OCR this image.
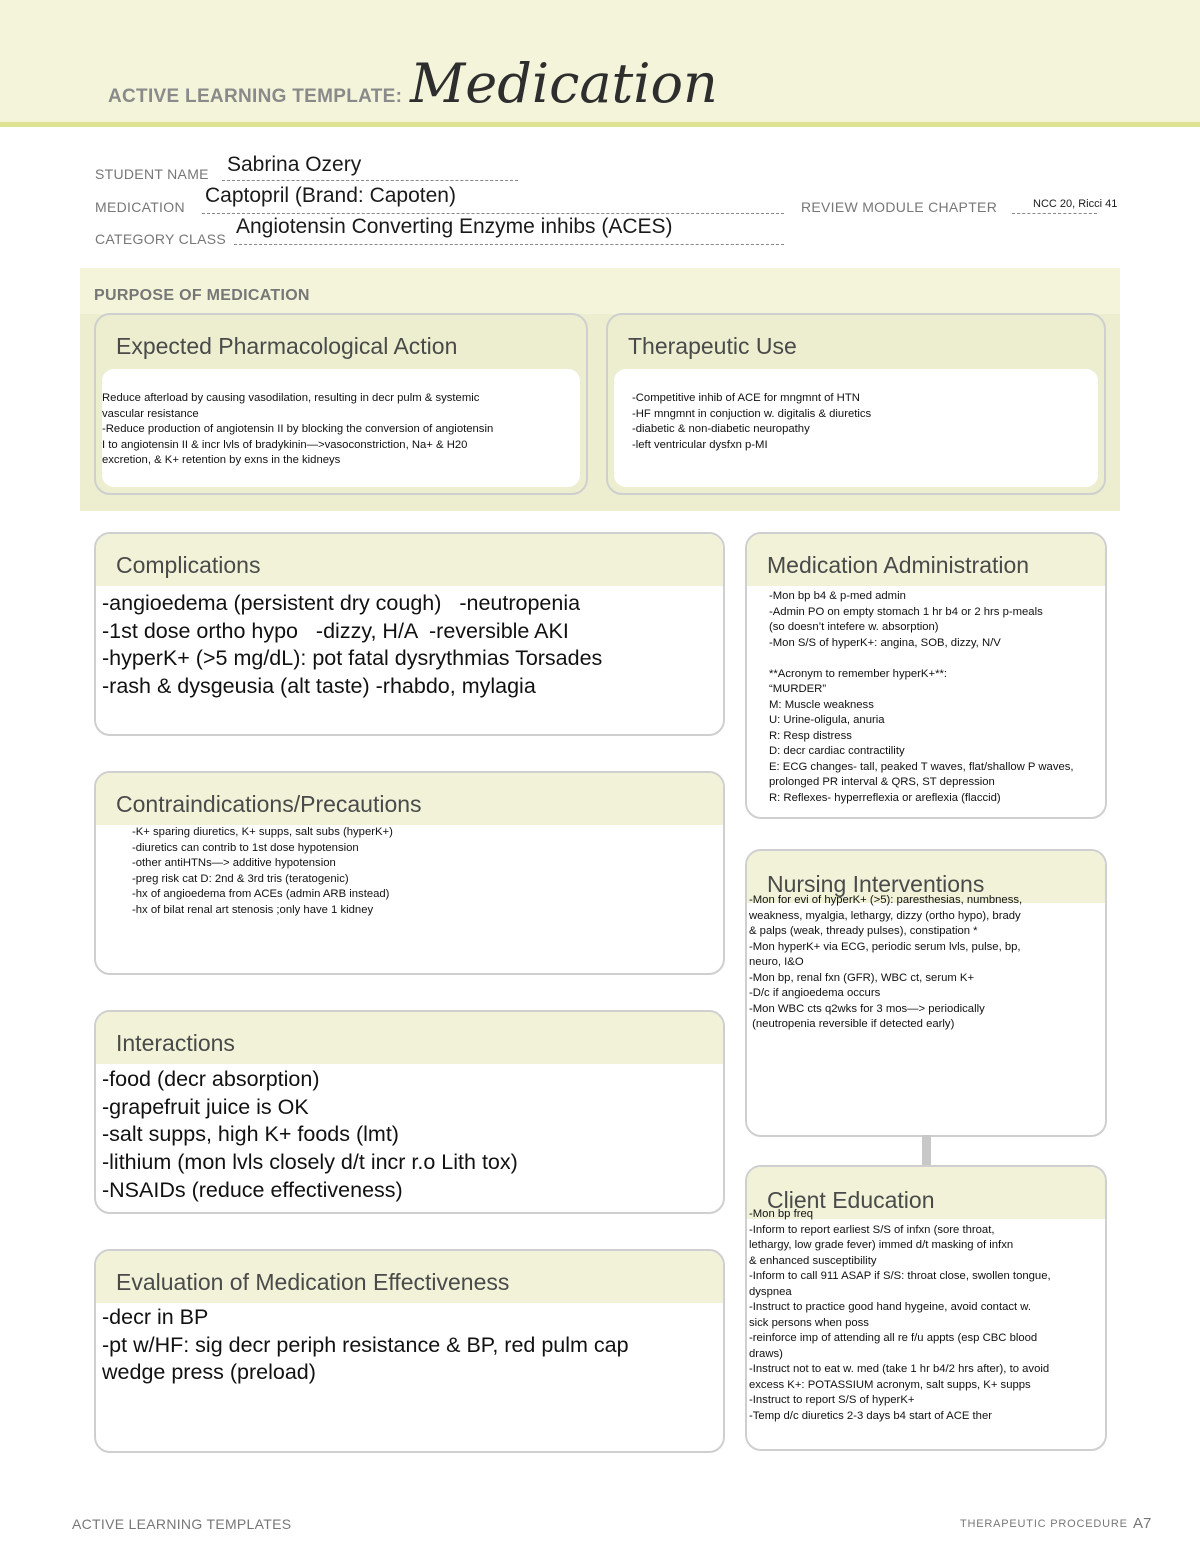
ACTIVE LEARNING TEMPLATE: Medication
STUDENT NAME Sabrina Ozery
MEDICATION Captopril (Brand: Capoten)	REVIEW MODULE CHAPTER	NCC 20, Ricci 41
CATEGORY CLASS
Angiotensin Converting Enzyme inhibs (ACES)
PURPOSE OF MEDICATION
Expected Pharmacological Action
Reduce afterload by causing vasodilation, resulting in decr pulm & systemic
vascular resistance
-Reduce production of angiotensin II by blocking the conversion of angiotensin
I to angiotensin II & incr lvls of bradykinin—>vasoconstriction, Na+ & H20
excretion, & K+ retention by exns in the kidneys
Therapeutic Use
-Competitive inhib of ACE for mngmnt of HTN
-HF mngmnt in conjuction w. digitalis & diuretics
-diabetic & non-diabetic neuropathy
-left ventricular dysfxn p-MI
Complications
-angioedema (persistent dry cough)   -neutropenia
-1st dose ortho hypo   -dizzy, H/A  -reversible AKI
-hyperK+ (>5 mg/dL): pot fatal dysrythmias Torsades
-rash & dysgeusia (alt taste) -rhabdo, mylagia
Medication Administration
-Mon bp b4 & p-med admin
-Admin PO on empty stomach 1 hr b4 or 2 hrs p-meals
(so doesn’t intefere w. absorption)
-Mon S/S of hyperK+: angina, SOB, dizzy, N/V

**Acronym to remember hyperK+**:
“MURDER”
M: Muscle weakness
U: Urine-oligula, anuria
R: Resp distress
D: decr cardiac contractility
E: ECG changes- tall, peaked T waves, flat/shallow P waves,
prolonged PR interval & QRS, ST depression
R: Reflexes- hyperreflexia or areflexia (flaccid)
Contraindications/Precautions
-K+ sparing diuretics, K+ supps, salt subs (hyperK+)
-diuretics can contrib to 1st dose hypotension
-other antiHTNs—> additive hypotension
-preg risk cat D: 2nd & 3rd tris (teratogenic)
-hx of angioedema from ACEs (admin ARB instead)
-hx of bilat renal art stenosis ;only have 1 kidney
Nursing Interventions
-Mon for evi of hyperK+ (>5): paresthesias, numbness,
weakness, myalgia, lethargy, dizzy (ortho hypo), brady
& palps (weak, thready pulses), constipation *
-Mon hyperK+ via ECG, periodic serum lvls, pulse, bp,
neuro, I&O
-Mon bp, renal fxn (GFR), WBC ct, serum K+
-D/c if angioedema occurs
-Mon WBC cts q2wks for 3 mos—> periodically
(neutropenia reversible if detected early)
Interactions
-food (decr absorption)
-grapefruit juice is OK
-salt supps, high K+ foods (lmt)
-lithium (mon lvls closely d/t incr r.o Lith tox)
-NSAIDs (reduce effectiveness)	Client Education
-Mon bp freq
-Inform to report earliest S/S of infxn (sore throat,
lethargy, low grade fever) immed d/t masking of infxn
& enhanced susceptibility
-Inform to call 911 ASAP if S/S: throat close, swollen tongue,
dyspnea
-Instruct to practice good hand hygeine, avoid contact w.
sick persons when poss
-reinforce imp of attending all re f/u appts (esp CBC blood
draws)
-Instruct not to eat w. med (take 1 hr b4/2 hrs after), to avoid
excess K+: POTASSIUM acronym, salt supps, K+ supps
-Instruct to report S/S of hyperK+
-Temp d/c diuretics 2-3 days b4 start of ACE ther
Evaluation of Medication Effectiveness
-decr in BP
-pt w/HF: sig decr periph resistance & BP, red pulm cap
wedge press (preload)
ACTIVE LEARNING TEMPLATES	THERAPEUTIC PROCEDURE A7
